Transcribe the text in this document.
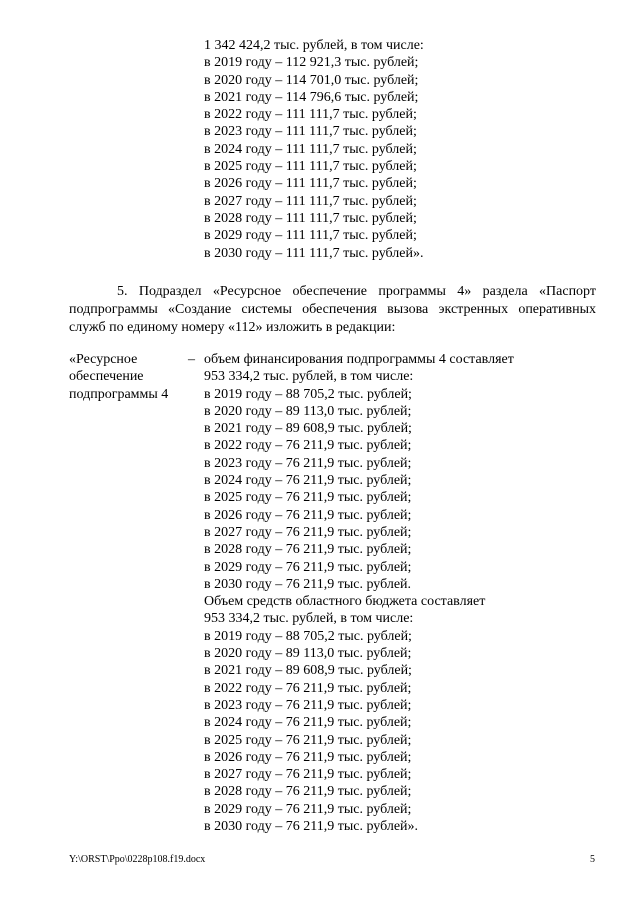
1 342 424,2 тыс. рублей, в том числе:
в 2019 году – 112 921,3 тыс. рублей;
в 2020 году – 114 701,0 тыс. рублей;
в 2021 году – 114 796,6 тыс. рублей;
в 2022 году – 111 111,7 тыс. рублей;
в 2023 году – 111 111,7 тыс. рублей;
в 2024 году – 111 111,7 тыс. рублей;
в 2025 году – 111 111,7 тыс. рублей;
в 2026 году – 111 111,7 тыс. рублей;
в 2027 году – 111 111,7 тыс. рублей;
в 2028 году – 111 111,7 тыс. рублей;
в 2029 году – 111 111,7 тыс. рублей;
в 2030 году – 111 111,7 тыс. рублей».
5. Подраздел «Ресурсное обеспечение программы 4» раздела «Паспорт
подпрограммы «Создание системы обеспечения вызова экстренных оперативных
служб по единому номеру «112» изложить в редакции:
«Ресурсное
обеспечение
подпрограммы 4
– объем финансирования подпрограммы 4 составляет
953 334,2 тыс. рублей, в том числе:
в 2019 году – 88 705,2 тыс. рублей;
в 2020 году – 89 113,0 тыс. рублей;
в 2021 году – 89 608,9 тыс. рублей;
в 2022 году – 76 211,9 тыс. рублей;
в 2023 году – 76 211,9 тыс. рублей;
в 2024 году – 76 211,9 тыс. рублей;
в 2025 году – 76 211,9 тыс. рублей;
в 2026 году – 76 211,9 тыс. рублей;
в 2027 году – 76 211,9 тыс. рублей;
в 2028 году – 76 211,9 тыс. рублей;
в 2029 году – 76 211,9 тыс. рублей;
в 2030 году – 76 211,9 тыс. рублей.
Объем средств областного бюджета составляет
953 334,2 тыс. рублей, в том числе:
в 2019 году – 88 705,2 тыс. рублей;
в 2020 году – 89 113,0 тыс. рублей;
в 2021 году – 89 608,9 тыс. рублей;
в 2022 году – 76 211,9 тыс. рублей;
в 2023 году – 76 211,9 тыс. рублей;
в 2024 году – 76 211,9 тыс. рублей;
в 2025 году – 76 211,9 тыс. рублей;
в 2026 году – 76 211,9 тыс. рублей;
в 2027 году – 76 211,9 тыс. рублей;
в 2028 году – 76 211,9 тыс. рублей;
в 2029 году – 76 211,9 тыс. рублей;
в 2030 году – 76 211,9 тыс. рублей».
Y:\ORST\Ppo\0228p108.f19.docx	5
